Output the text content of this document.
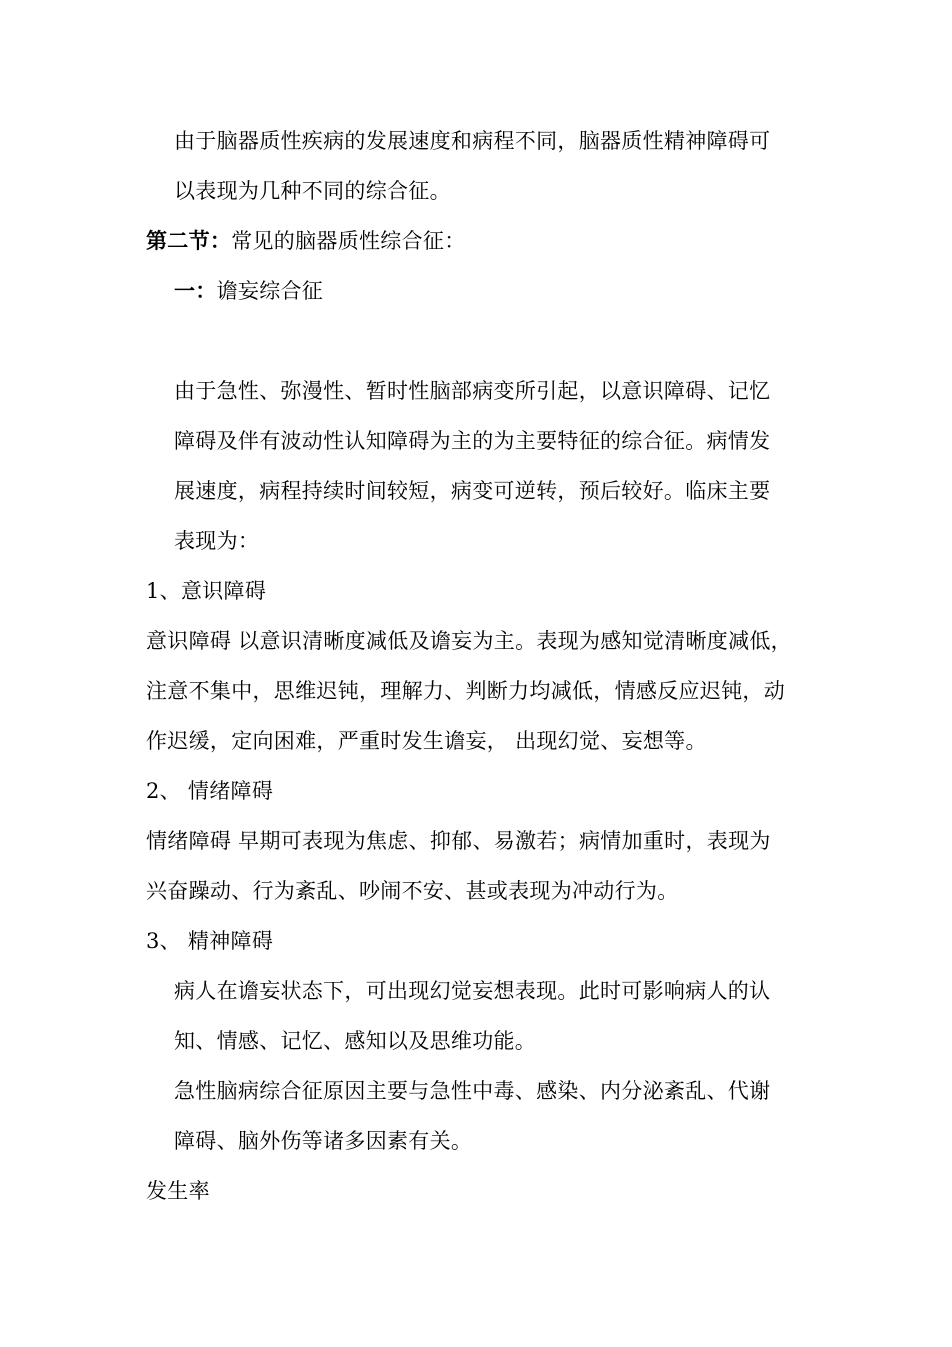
由于脑器质性疾病的发展速度和病程不同，脑器质性精神障碍可
以表现为几种不同的综合征。
第二节：常见的脑器质性综合征：
一：谵妄综合征
由于急性、弥漫性、暂时性脑部病变所引起，以意识障碍、记忆
障碍及伴有波动性认知障碍为主的为主要特征的综合征。病情发
展速度，病程持续时间较短，病变可逆转，预后较好。临床主要
表现为：
1、意识障碍
意识障碍 以意识清晰度减低及谵妄为主。表现为感知觉清晰度减低，
注意不集中，思维迟钝，理解力、判断力均减低，情感反应迟钝，动
作迟缓，定向困难，严重时发生谵妄， 出现幻觉、妄想等。
2、 情绪障碍
情绪障碍 早期可表现为焦虑、抑郁、易激若；病情加重时，表现为
兴奋躁动、行为紊乱、吵闹不安、甚或表现为冲动行为。
3、 精神障碍
病人在谵妄状态下，可出现幻觉妄想表现。此时可影响病人的认
知、情感、记忆、感知以及思维功能。
急性脑病综合征原因主要与急性中毒、感染、内分泌紊乱、代谢
障碍、脑外伤等诸多因素有关。
发生率
